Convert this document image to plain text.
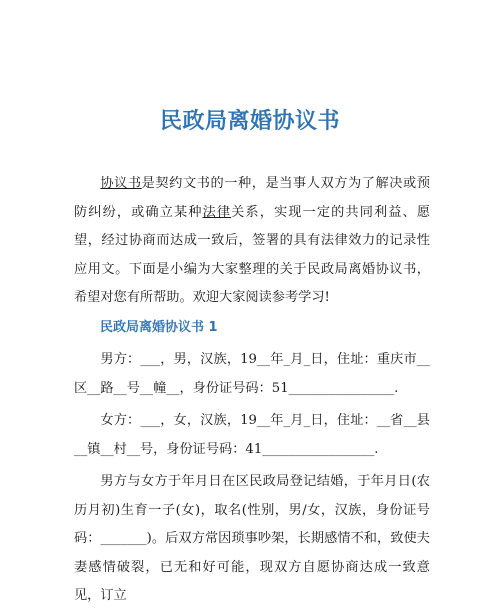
民政局离婚协议书

协议书是契约文书的一种，是当事人双方为了解决或预防纠纷，或确立某种法律关系，实现一定的共同利益、愿望，经过协商而达成一致后，签署的具有法律效力的记录性应用文。下面是小编为大家整理的关于民政局离婚协议书，希望对您有所帮助。欢迎大家阅读参考学习!

民政局离婚协议书 1

男方：___，男，汉族，19__年_月_日，住址：重庆市__区__路__号__幢__，身份证号码：51________________.

女方：___，女，汉族，19__年_月_日，住址：__省__县__镇__村__号，身份证号码：41_________________.

男方与女方于年月日在区民政局登记结婚，于年月日(农历月初)生育一子(女)，取名(性别，男/女，汉族，身份证号码：_______)。后双方常因琐事吵架，长期感情不和，致使夫妻感情破裂，已无和好可能，现双方自愿协商达成一致意见，订立
